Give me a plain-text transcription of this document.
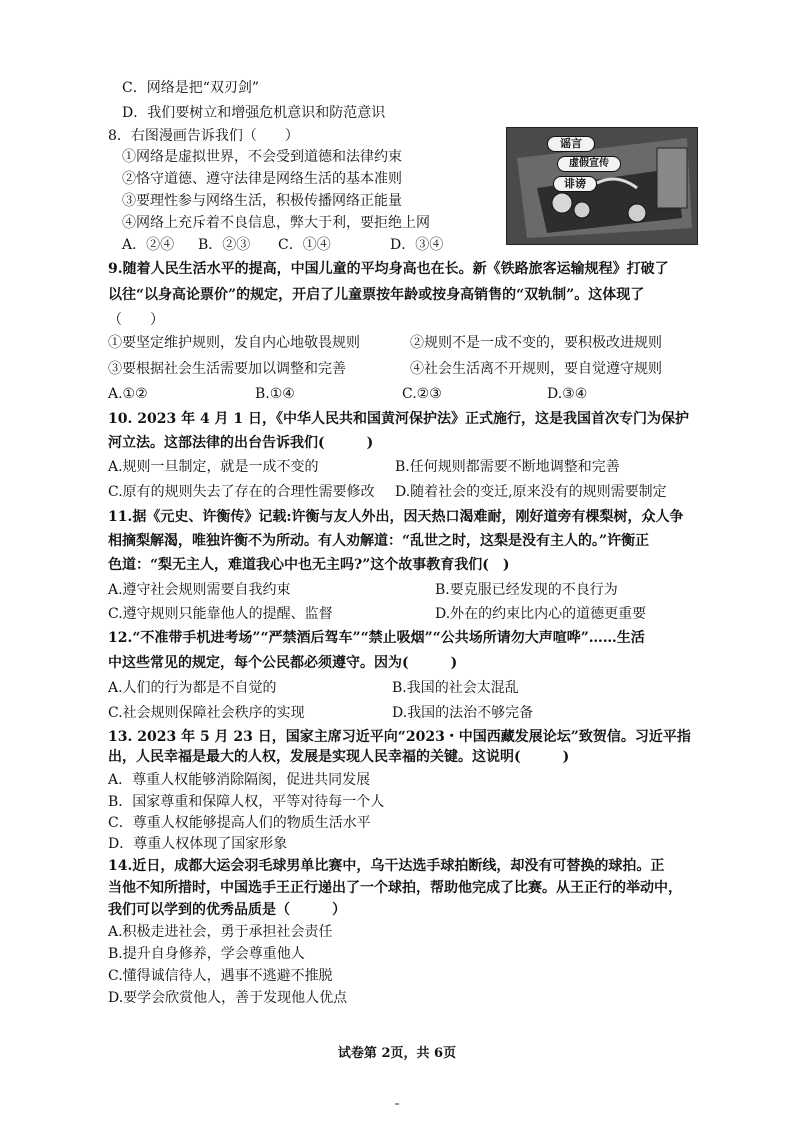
C．网络是把“双刃剑”
D．我们要树立和增强危机意识和防范意识
8．右图漫画告诉我们（　　）
①网络是虚拟世界，不会受到道德和法律约束
②恪守道德、遵守法律是网络生活的基本准则
③要理性参与网络生活，积极传播网络正能量
④网络上充斥着不良信息，弊大于利，要拒绝上网
A．②④ B．②③ C．①④	D．③④
谣言
虚假宣传
诽谤
9.随着人民生活水平的提高，中国儿童的平均身高也在长。新《铁路旅客运输规程》打破了
以往“以身高论票价”的规定，开启了儿童票按年龄或按身高销售的“双轨制”。这体现了
（　　）
①要坚定维护规则，发自内心地敬畏规则	②规则不是一成不变的，要积极改进规则
③要根据社会生活需要加以调整和完善	④社会生活离不开规则，要自觉遵守规则
A.①②	B.①④	C.②③	D.③④
10. 2023 年 4 月 1 日，《中华人民共和国黄河保护法》正式施行，这是我国首次专门为保护
河立法。这部法律的出台告诉我们(　　　)
A.规则一旦制定，就是一成不变的	B.任何规则都需要不断地调整和完善
C.原有的规则失去了存在的合理性需要修改 D.随着社会的变迁,原来没有的规则需要制定
11.据《元史、许衡传》记载:许衡与友人外出，因天热口渴难耐，刚好道旁有棵梨树，众人争
相摘梨解渴，唯独许衡不为所动。有人劝解道：“乱世之时，这梨是没有主人的。”许衡正
色道：“梨无主人，难道我心中也无主吗?”这个故事教育我们(　)
A.遵守社会规则需要自我约束	B.要克服已经发现的不良行为
C.遵守规则只能靠他人的提醒、监督	D.外在的约束比内心的道德更重要
12.“不准带手机进考场”“严禁酒后驾车”“禁止吸烟”“公共场所请勿大声喧哗”……生活
中这些常见的规定，每个公民都必须遵守。因为(　　　)
A.人们的行为都是不自觉的	B.我国的社会太混乱
C.社会规则保障社会秩序的实现	D.我国的法治不够完备
13. 2023 年 5 月 23 日，国家主席习近平向“2023・中国西藏发展论坛”致贺信。习近平指
出，人民幸福是最大的人权，发展是实现人民幸福的关键。这说明(　　　)
A．尊重人权能够消除隔阂，促进共同发展
B．国家尊重和保障人权，平等对待每一个人
C．尊重人权能够提高人们的物质生活水平
D．尊重人权体现了国家形象
14.近日，成都大运会羽毛球男单比赛中，乌干达选手球拍断线，却没有可替换的球拍。正
当他不知所措时，中国选手王正行递出了一个球拍，帮助他完成了比赛。从王正行的举动中，
我们可以学到的优秀品质是（　　　）
A.积极走进社会，勇于承担社会责任
B.提升自身修养，学会尊重他人
C.懂得诚信待人，遇事不逃避不推脱
D.要学会欣赏他人，善于发现他人优点
试卷第 2页，共 6页
